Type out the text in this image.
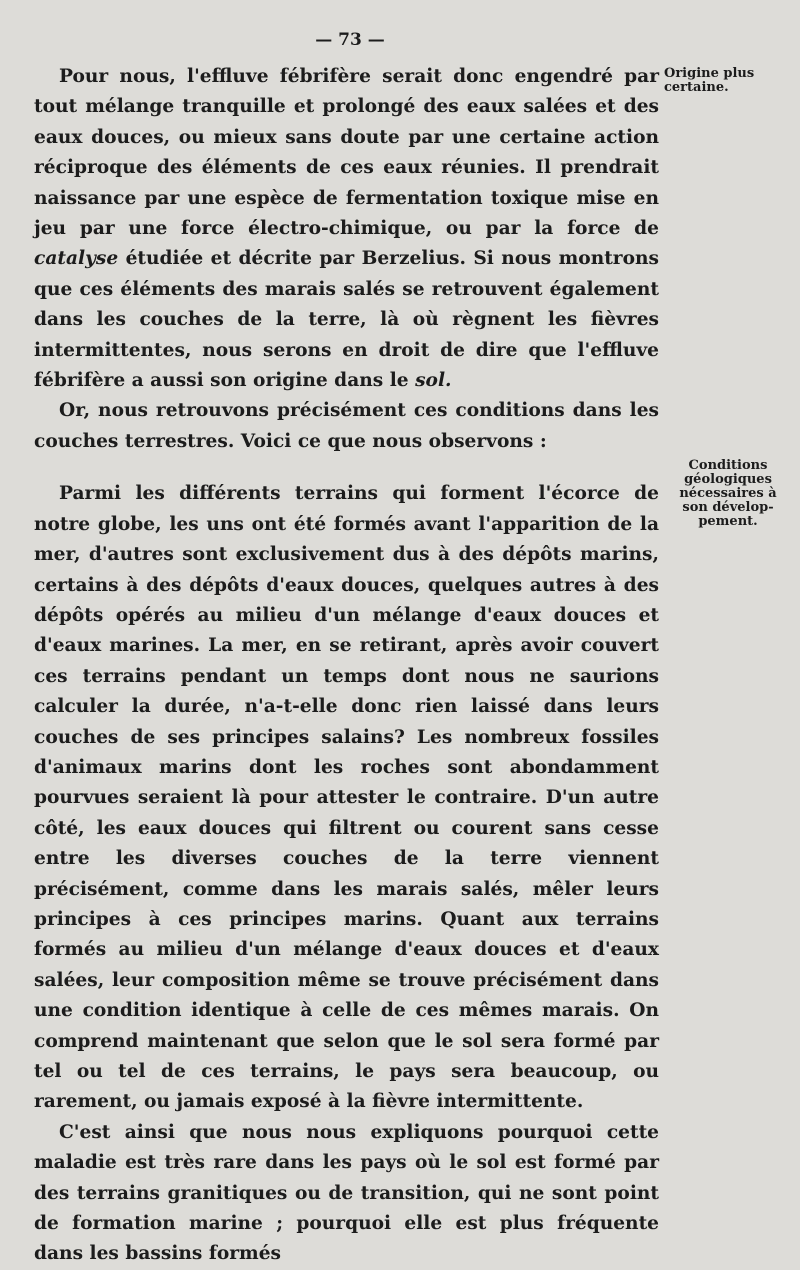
— 73 —

Pour nous, l'effluve fébrifère serait donc engendré par tout mélange tranquille et prolongé des eaux salées et des eaux douces, ou mieux sans doute par une certaine action réciproque des éléments de ces eaux réunies. Il prendrait naissance par une espèce de fermentation toxique mise en jeu par une force électro-chimique, ou par la force de catalyse étudiée et décrite par Berzelius. Si nous montrons que ces éléments des marais salés se retrouvent également dans les couches de la terre, là où règnent les fièvres intermittentes, nous serons en droit de dire que l'effluve fébrifère a aussi son origine dans le sol.

Or, nous retrouvons précisément ces conditions dans les couches terrestres. Voici ce que nous observons :

Parmi les différents terrains qui forment l'écorce de notre globe, les uns ont été formés avant l'apparition de la mer, d'autres sont exclusivement dus à des dépôts marins, certains à des dépôts d'eaux douces, quelques autres à des dépôts opérés au milieu d'un mélange d'eaux douces et d'eaux marines. La mer, en se retirant, après avoir couvert ces terrains pendant un temps dont nous ne saurions calculer la durée, n'a-t-elle donc rien laissé dans leurs couches de ses principes salains? Les nombreux fossiles d'animaux marins dont les roches sont abondamment pourvues seraient là pour attester le contraire. D'un autre côté, les eaux douces qui filtrent ou courent sans cesse entre les diverses couches de la terre viennent précisément, comme dans les marais salés, mêler leurs principes à ces principes marins. Quant aux terrains formés au milieu d'un mélange d'eaux douces et d'eaux salées, leur composition même se trouve précisément dans une condition identique à celle de ces mêmes marais. On comprend maintenant que selon que le sol sera formé par tel ou tel de ces terrains, le pays sera beaucoup, ou rarement, ou jamais exposé à la fièvre intermittente.

C'est ainsi que nous nous expliquons pourquoi cette maladie est très rare dans les pays où le sol est formé par des terrains granitiques ou de transition, qui ne sont point de formation marine ; pourquoi elle est plus fréquente dans les bassins formés

Origine plus
certaine.
Conditions
géologiques
nécessaires à
son dévelop-
pement.
